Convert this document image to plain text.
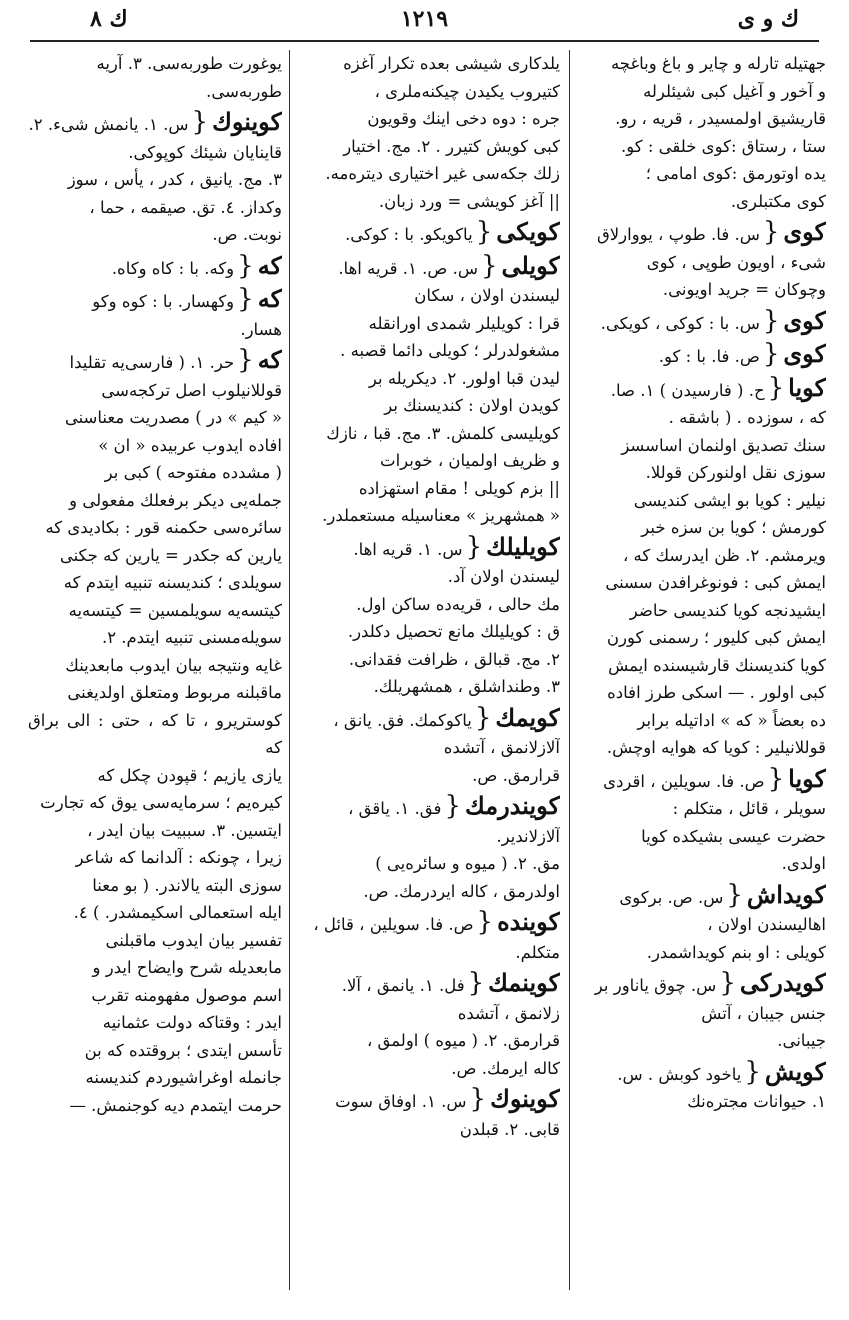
ك و ى
١٢١٩
ك ٨
جهتيله تارله و چاير و باغ وباغچه
و آخور و آغيل كبى شيئلرله
قاريشيق اولمسيدر ، قريه ، رو.
ستا ، رستاق :كوى خلقى : كو.
يده اوتورمق :كوى امامى ؛
كوى مكتبلرى.
كوى{س. فا. طوپ ، يووارلاق
شى‌ء ، اويون طوپى ، كوى
وچوكان = جريد اويونى.
كوى{س. با : كوكى ، كويكى.
كوى{ص. فا. با : كو.
كويا{ح. ( فارسيدن ) ١. صا.
كه ، سوزده . ( باشقه .
سنك تصديق اولنمان اساسسز
سوزى نقل اولنوركن قوللا.
نيلير : كويا بو ايشى كنديسى
كورمش ؛ كويا بن سزه خبر
ويرمشم. ٢. ظن ايدرسك كه ،
ايمش كبى : فونوغرافدن سسنى
ايشيدنجه كويا كنديسى حاضر
ايمش كبى كليور ؛ رسمنى كورن
كويا كنديسنك قارشيسنده ايمش
كبى اولور . — اسكى طرز افاده
ده بعضاً « كه » اداتيله برابر
قوللانيلير : كويا كه هوايه اوچش.
كويا{ص. فا. سويلين ، اقردى
سويلر ، قائل ، متكلم :
حضرت عيسى بشيكده كويا
اولدى.
كويداش{س. ص. بركوى
اهاليسندن اولان ،
كويلى : او بنم كويداشمدر.
كويدركى{س. چوق ياناور بر
جنس جيبان ، آتش
جيبانى.
كويش{ياخود كوبش . س.
١. حيوانات مجتره‌نك
يلدكارى شيشى بعده تكرار آغزه
كتيروب يكيدن چيكنه‌ملرى ،
جره : دوه دخى اينك وقويون
كبى كويش كتيرر . ٢. مج. اختيار
زلك جكه‌سى غير اختيارى ديتره‌مه.
|| آغز كويشى = ورد زبان.
كويكى{ياكويكو. با : كوكى.
كويلى{س. ص. ١. قريه اها.
ليسندن اولان ، سكان
قرا : كويليلر شمدى اورانقله
مشغولدرلر ؛ كويلى دائما قصبه .
ليدن قبا اولور. ٢. ديكريله بر
كويدن اولان : كنديسنك بر
كويليسى كلمش. ٣. مج. قبا ، نازك
و ظريف اولميان ، خوبرات
|| بزم كويلى ! مقام استهزاده
« همشهريز » معناسيله مستعملدر.
كويليلك{س. ١. قريه اها.
ليسندن اولان آد.
مك حالى ، قريه‌ده ساكن اول.
ق : كويليلك مانع تحصيل دكلدر.
٢. مج. قبالق ، ظرافت فقدانى.
٣. وطنداشلق ، همشهريلك.
كويمك{ياكوكمك. فق. يانق ،
آلازلانمق ، آتشده
قرارمق. ص.
كويندرمك{فق. ١. ياقق ،
آلازلاندير.
مق. ٢. ( ميوه و سائره‌يى )
اولدرمق ، كاله ايردرمك. ص.
كوينده{ص. فا. سويلين ، قائل ،
متكلم.
كوينمك{فل. ١. يانمق ، آلا.
زلانمق ، آتشده
قرارمق. ٢. ( ميوه ) اولمق ،
كاله ايرمك. ص.
كوينوك{س. ١. اوفاق سوت
قابى. ٢. قبلدن
يوغورت طوربه‌سى. ٣. آريه
طوربه‌سى.
كوينوك{س. ١. يانمش شى‌ء. ٢.
قاينايان شيئك كوپوكى.
٣. مج. يانيق ، كدر ، يأس ، سوز
وكداز. ٤. تق. صيقمه ، حما ،
نوبت. ص.
كه{وكه. با : كاه وكاه.
كه{وكهسار. با : كوه وكو
هسار.
كه{حر. ١. ( فارسى‌يه تقليدا
قوللانيلوب اصل تركجه‌سى
« كيم » در ) مصدريت معناسنى
افاده ايدوب عربيده « ان »
( مشدده مفتوحه ) كبى بر
جمله‌يى ديكر برفعلك مفعولى و
سائره‌سى حكمنه قور : بكاديدى كه
يارين كه جكدر = يارين كه جكنى
سويلدى ؛ كنديسنه تنبيه ايتدم كه
كيتسه‌يه سويلمسين = كيتسه‌يه
سويله‌مسنى تنبيه ايتدم. ٢.
غايه ونتيجه بيان ايدوب مابعدينك
ماقبلنه مربوط ومتعلق اولديغنى
كوستريرو ، تا كه ، حتى : الى براق كه
يازى يازيم ؛ قپودن چكل كه
كيره‌يم ؛ سرمايه‌سى يوق كه تجارت
ايتسين. ٣. سببيت بيان ايدر ،
زيرا ، چونكه : آلدانما كه شاعر
سوزى البته يالاندر. ( بو معنا
ايله استعمالى اسكيمشدر. ) ٤.
تفسير بيان ايدوب ماقبلنى
مابعديله شرح وايضاح ايدر و
اسم موصول مفهومنه تقرب
ايدر : وقتاكه دولت عثمانيه
تأسس ايتدى ؛ بروقتده كه بن
جانمله اوغراشيوردم كنديسنه
حرمت ايتمدم ديه كوجنمش. —
